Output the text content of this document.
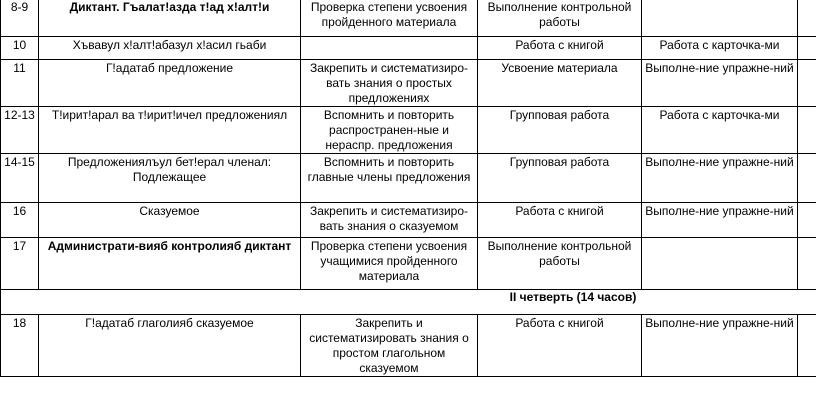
8-9	Диктант. Гъалат!азда т!ад х!алт!и	Проверка степени усвоения пройденного материала	Выполнение контрольной работы		
10	Хъвавул х!алт!абазул х!асил гьаби		Работа с книгой	Работа с карточка-ми	
11	Г!адатаб предложение	Закрепить и систематизиро-вать знания о простых предложениях	Усвоение материала	Выполне-ние упражне-ний	
12-13	Т!ирит!арал ва т!ирит!ичел предложениял	Вспомнить и повторить распространен-ные и нераспр. предложения	Групповая работа	Работа с карточка-ми	
14-15	Предложениялъул бет!ерал членал: Подлежащее	Вспомнить и повторить главные члены предложения	Групповая работа	Выполне-ние упражне-ний	
16	Сказуемое	Закрепить и систематизиро-вать знания о сказуемом	Работа с книгой	Выполне-ние упражне-ний	
17	Администрати-вияб контролияб диктант	Проверка степени усвоения учащимися пройденного материала	Выполнение контрольной работы		

II четверть (14 часов)					

18	Г!адатаб глаголияб сказуемое	Закрепить и систематизировать знания о простом глагольном сказуемом	Работа с книгой	Выполне-ние упражне-ний	
